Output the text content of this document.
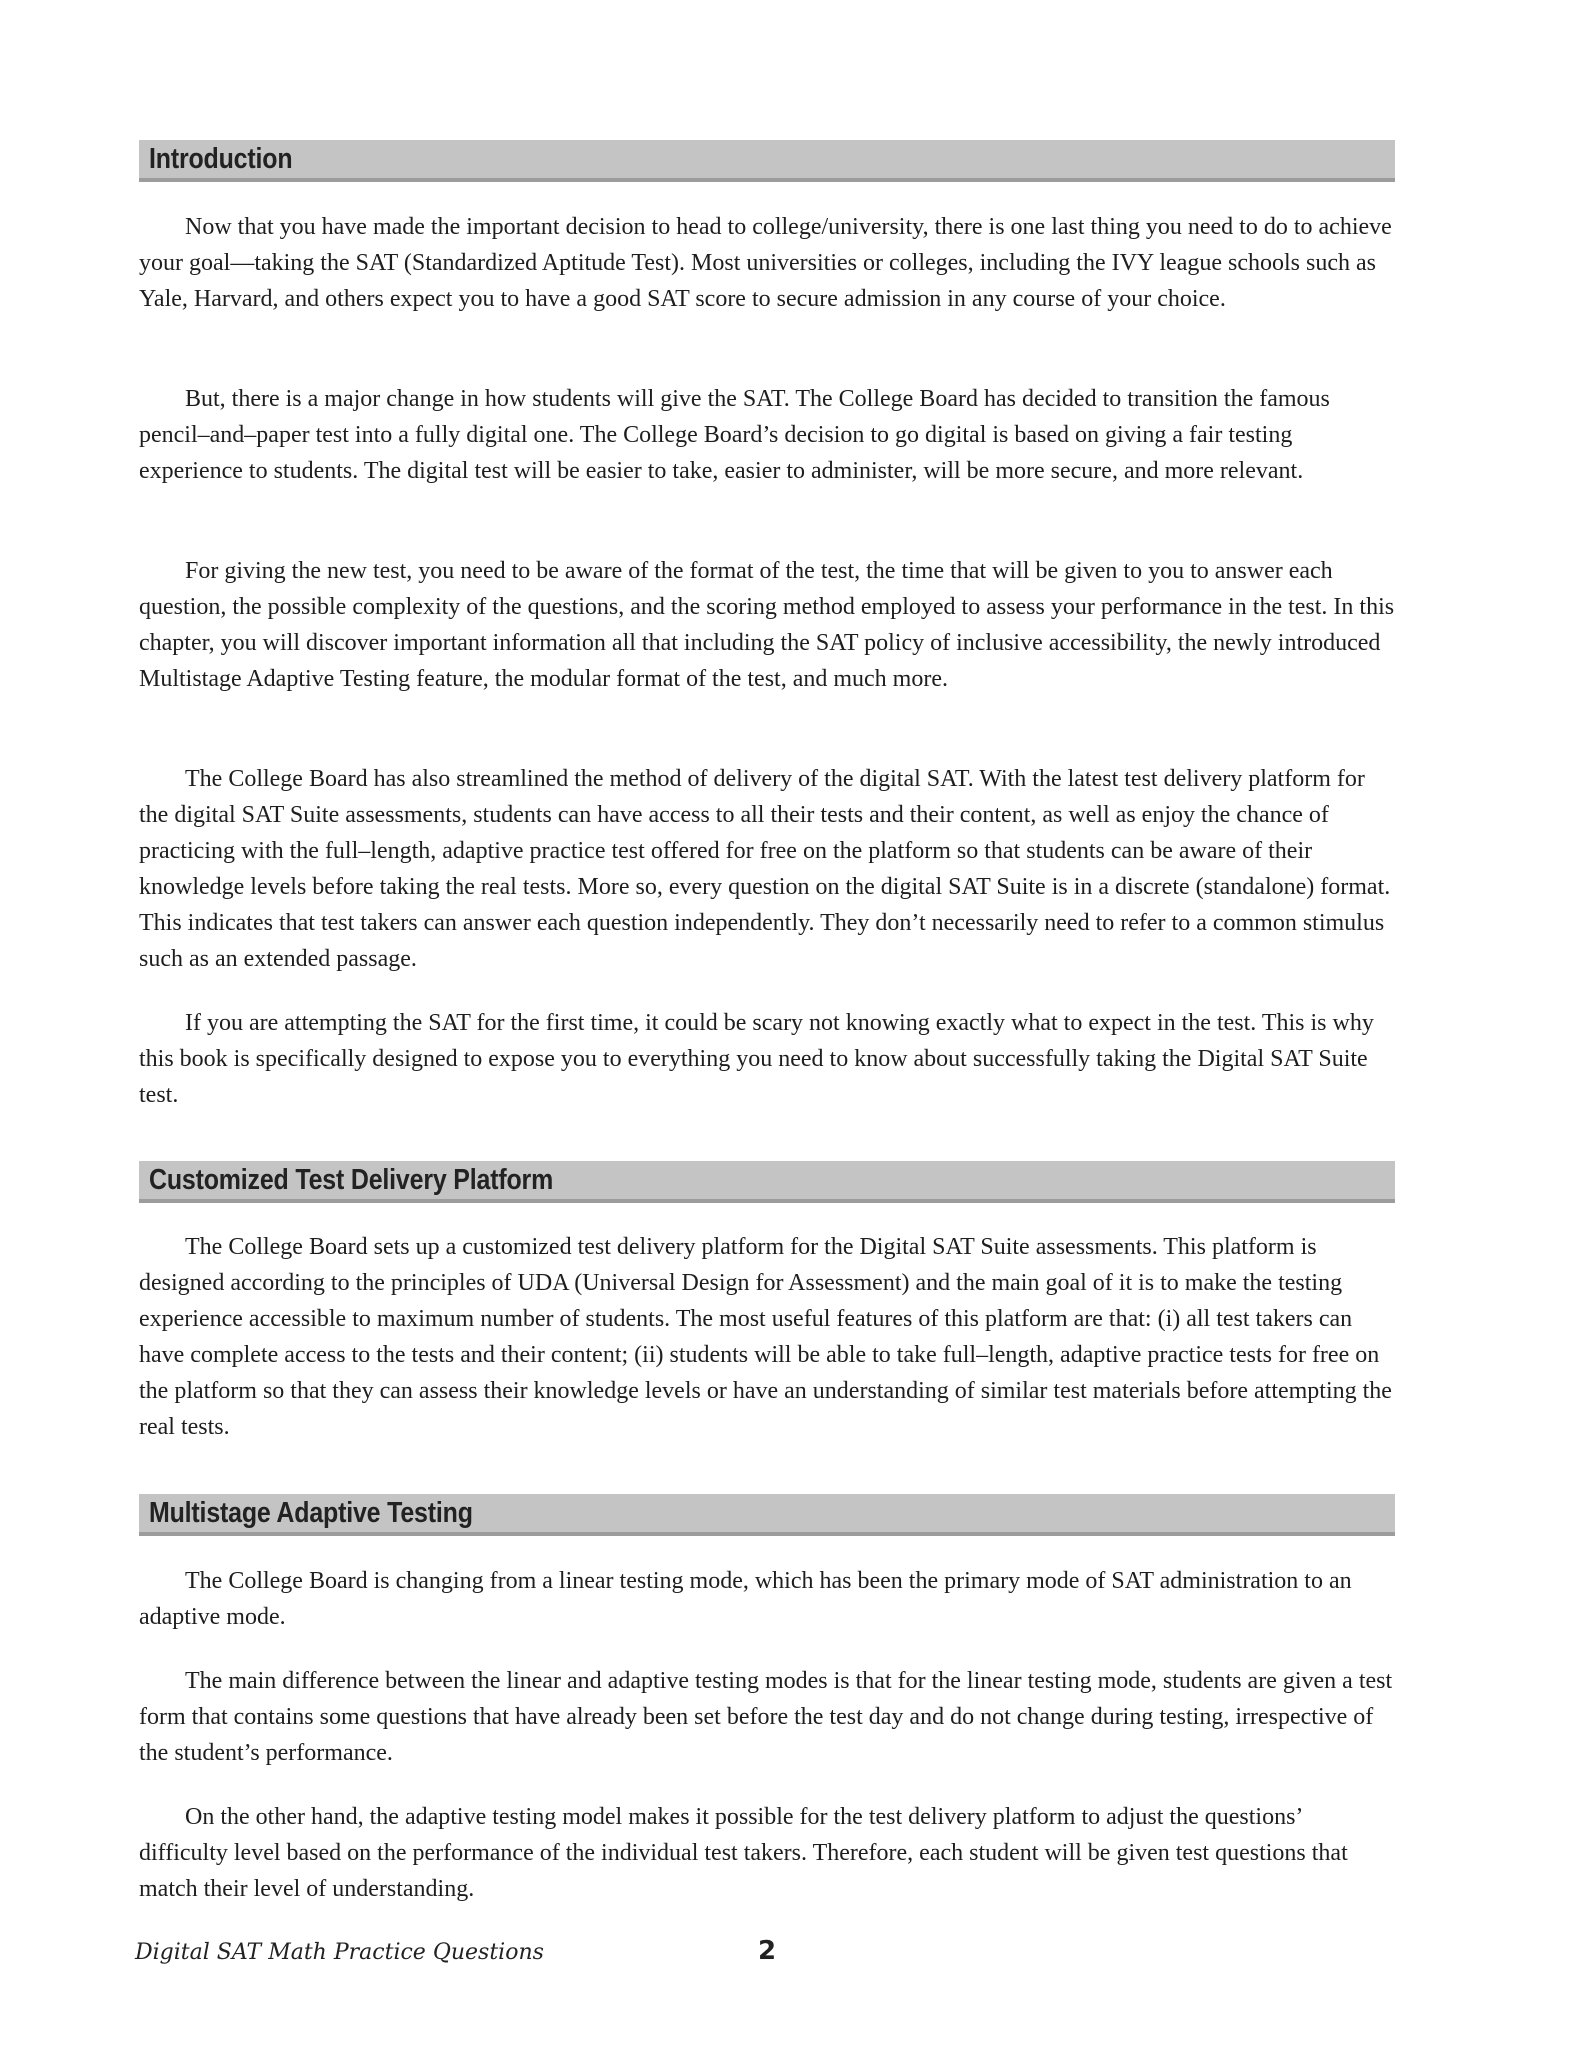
Introduction

Now that you have made the important decision to head to college/university, there is one last thing you need to do to achieve your goal—taking the SAT (Standardized Aptitude Test). Most universities or colleges, including the IVY league schools such as Yale, Harvard, and others expect you to have a good SAT score to secure admission in any course of your choice.

But, there is a major change in how students will give the SAT. The College Board has decided to transition the famous pencil–and–paper test into a fully digital one. The College Board’s decision to go digital is based on giving a fair testing experience to students. The digital test will be easier to take, easier to administer, will be more secure, and more relevant.

For giving the new test, you need to be aware of the format of the test, the time that will be given to you to answer each question, the possible complexity of the questions, and the scoring method employed to assess your performance in the test. In this chapter, you will discover important information all that including the SAT policy of inclusive accessibility, the newly introduced Multistage Adaptive Testing feature, the modular format of the test, and much more.

The College Board has also streamlined the method of delivery of the digital SAT. With the latest test delivery platform for the digital SAT Suite assessments, students can have access to all their tests and their content, as well as enjoy the chance of practicing with the full–length, adaptive practice test offered for free on the platform so that students can be aware of their knowledge levels before taking the real tests. More so, every question on the digital SAT Suite is in a discrete (standalone) format. This indicates that test takers can answer each question independently. They don’t necessarily need to refer to a common stimulus such as an extended passage.

If you are attempting the SAT for the first time, it could be scary not knowing exactly what to expect in the test. This is why this book is specifically designed to expose you to everything you need to know about successfully taking the Digital SAT Suite test.

Customized Test Delivery Platform

The College Board sets up a customized test delivery platform for the Digital SAT Suite assessments. This platform is designed according to the principles of UDA (Universal Design for Assessment) and the main goal of it is to make the testing experience accessible to maximum number of students. The most useful features of this platform are that: (i) all test takers can have complete access to the tests and their content; (ii) students will be able to take full–length, adaptive practice tests for free on the platform so that they can assess their knowledge levels or have an understanding of similar test materials before attempting the real tests.

Multistage Adaptive Testing

The College Board is changing from a linear testing mode, which has been the primary mode of SAT administration to an adaptive mode.

The main difference between the linear and adaptive testing modes is that for the linear testing mode, students are given a test form that contains some questions that have already been set before the test day and do not change during testing, irrespective of the student’s performance.

On the other hand, the adaptive testing model makes it possible for the test delivery platform to adjust the questions’ difficulty level based on the performance of the individual test takers. Therefore, each student will be given test questions that match their level of understanding.

Digital SAT Math Practice Questions	2
